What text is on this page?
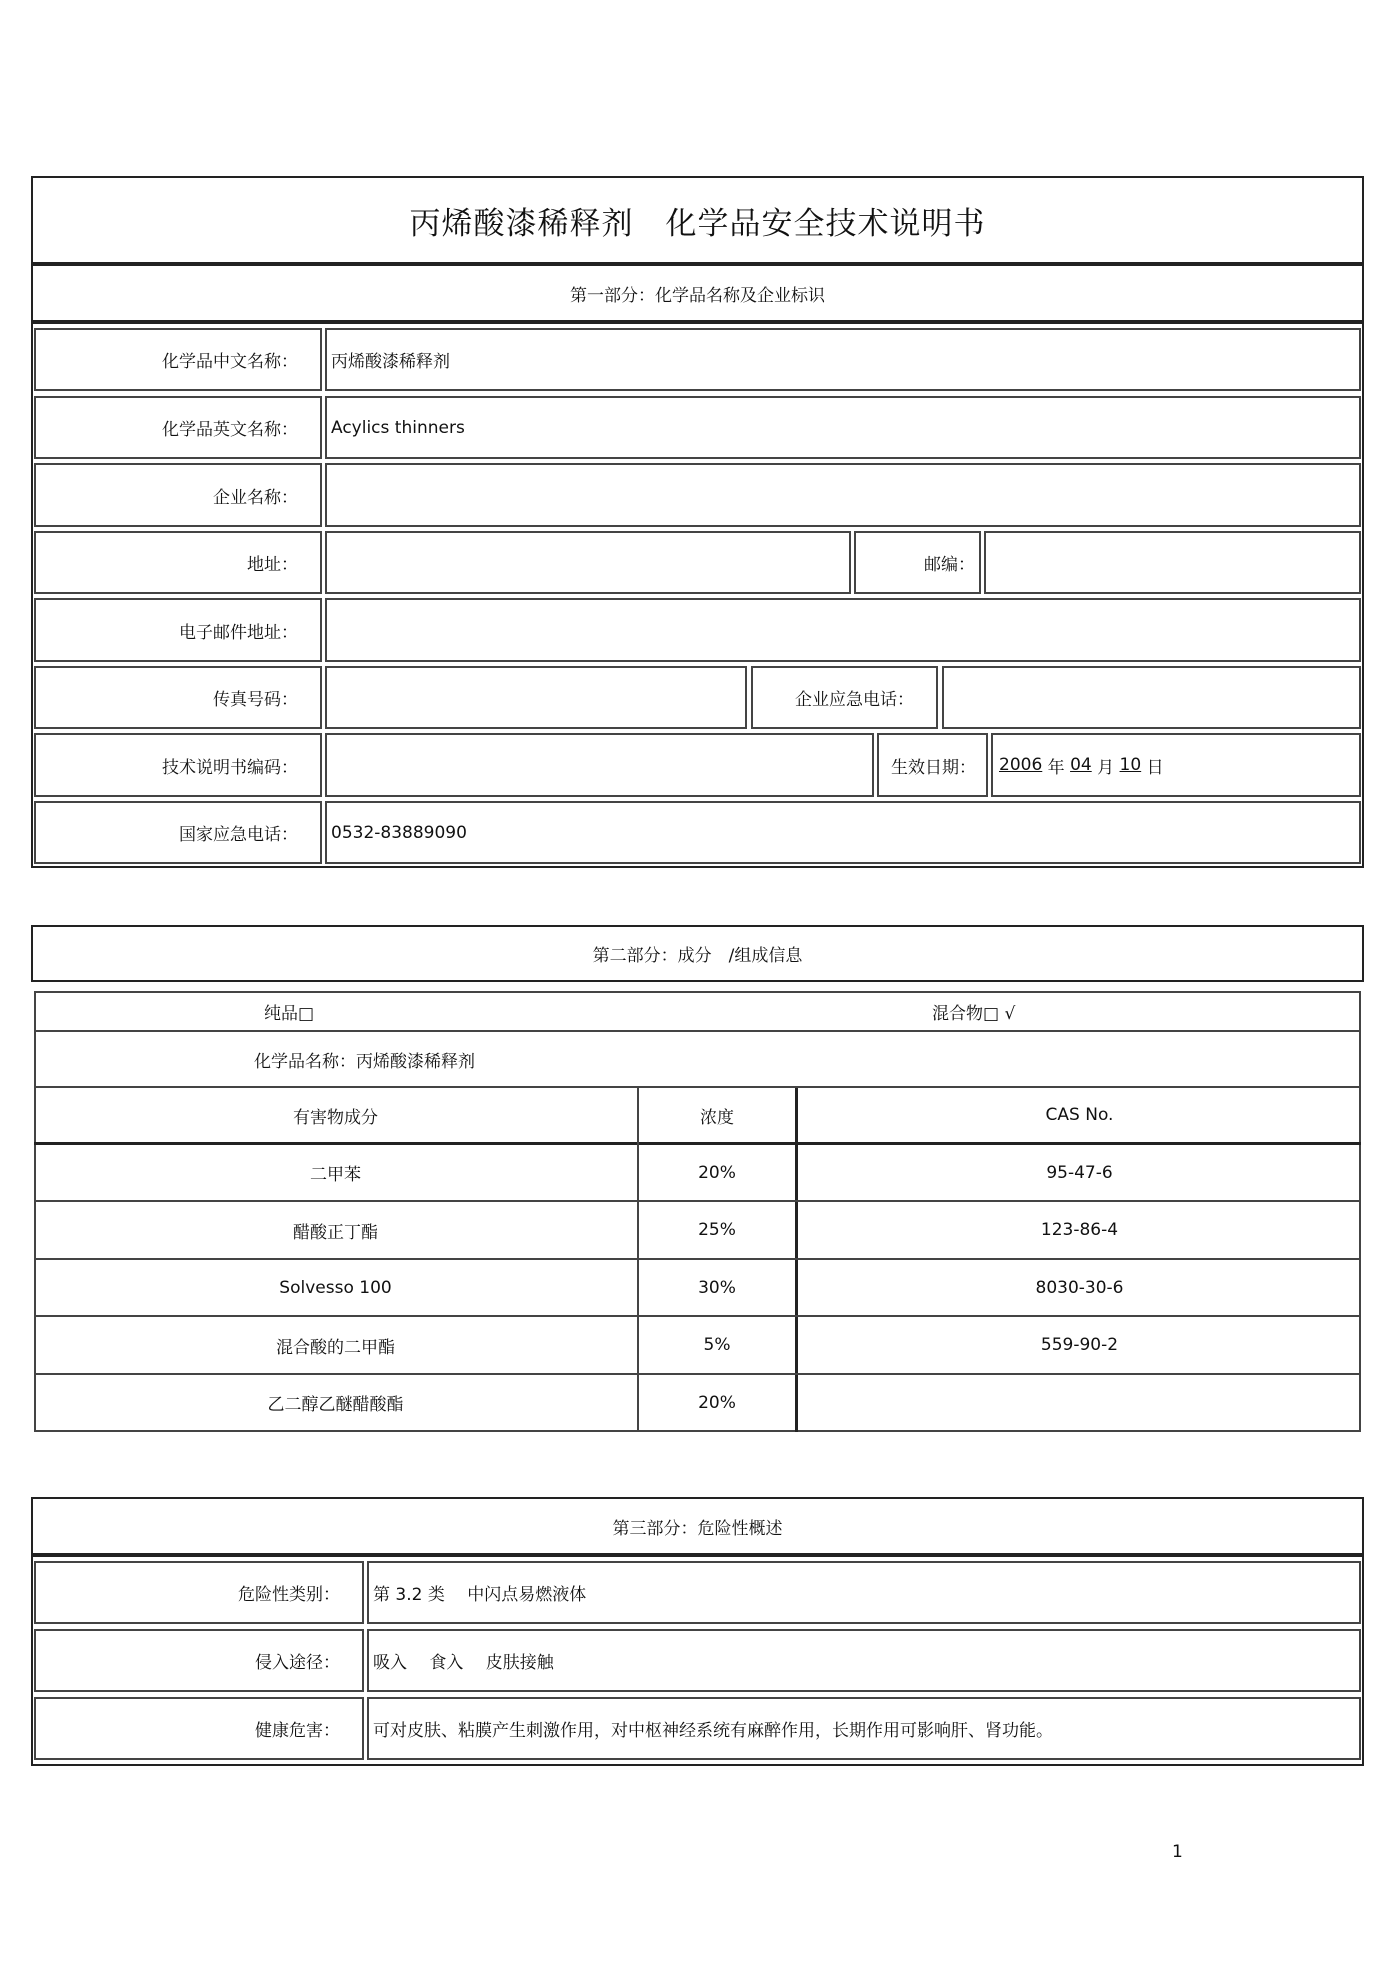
丙烯酸漆稀释剂　化学品安全技术说明书
第一部分：化学品名称及企业标识
化学品中文名称： 丙烯酸漆稀释剂
化学品英文名称： Acylics thinners
企业名称：
地址：	邮编：
电子邮件地址：
传真号码：	企业应急电话：
技术说明书编码：	生效日期： 2006
年
04
月
10
日
国家应急电话： 0532-83889090
第二部分：成分　/组成信息
纯品□	混合物□ √
化学品名称：丙烯酸漆稀释剂
有害物成分	浓度	CAS No.
二甲苯	20%	95-47-6
醋酸正丁酯	25%	123-86-4
Solvesso 100	30%	8030-30-6
混合酸的二甲酯	5%	559-90-2
乙二醇乙醚醋酸酯	20%
第三部分：危险性概述
危险性类别： 第 3.2 类　 中闪点易燃液体
侵入途径： 吸入　 食入　 皮肤接触
健康危害： 可对皮肤、粘膜产生刺激作用，对中枢神经系统有麻醉作用，长期作用可影响肝、肾功能。
1
